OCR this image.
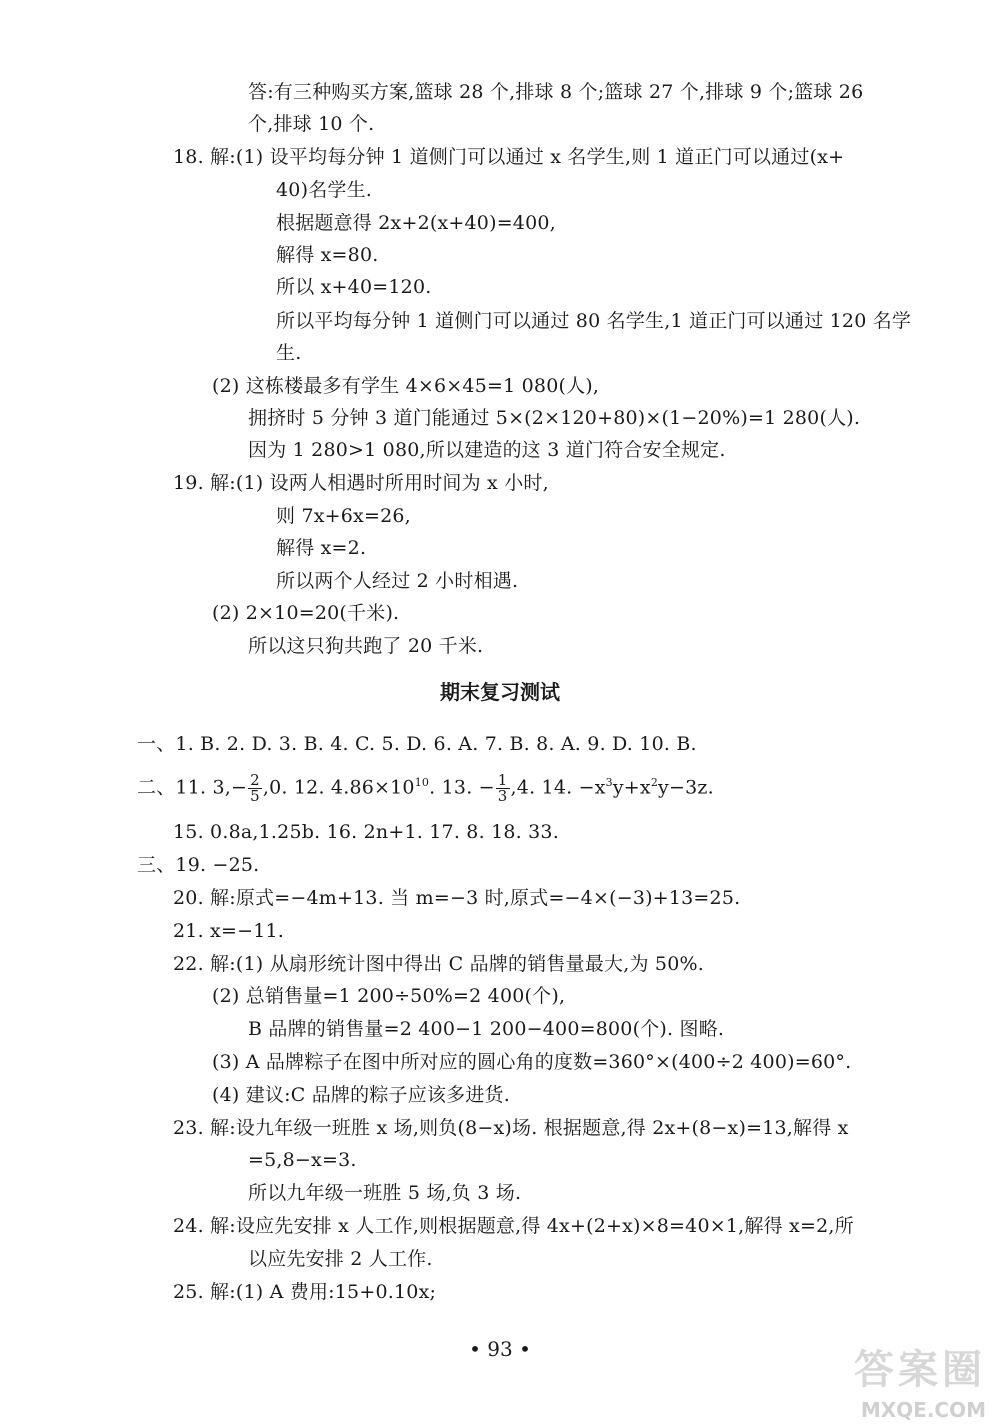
答:有三种购买方案,篮球 28 个,排球 8 个;篮球 27 个,排球 9 个;篮球 26
个,排球 10 个.
18. 解:(1) 设平均每分钟 1 道侧门可以通过 x 名学生,则 1 道正门可以通过(x+
40)名学生.
根据题意得 2x+2(x+40)=400,
解得 x=80.
所以 x+40=120.
所以平均每分钟 1 道侧门可以通过 80 名学生,1 道正门可以通过 120 名学
生.
(2) 这栋楼最多有学生 4×6×45=1 080(人),
拥挤时 5 分钟 3 道门能通过 5×(2×120+80)×(1−20%)=1 280(人).
因为 1 280>1 080,所以建造的这 3 道门符合安全规定.
19. 解:(1) 设两人相遇时所用时间为 x 小时,
则 7x+6x=26,
解得 x=2.
所以两个人经过 2 小时相遇.
(2) 2×10=20(千米).
所以这只狗共跑了 20 千米.
期末复习测试
一、1. B. 2. D. 3. B. 4. C. 5. D. 6. A. 7. B. 8. A. 9. D. 10. B.
二、11. $3,- \frac{2}{5} ,0$. 12. $4.86\times 10^{10}$. 13. − $\frac{1}{3} ,4$. 14. $-x^3y+x^2y-3z$.
15. 0.8a,1.25b. 16. 2n+1. 17. 8. 18. 33.
三、19. −25.
20. 解:原式=−4m+13. 当 m=−3 时,原式=−4×(−3)+13=25.
21. x=−11.
22. 解:(1) 从扇形统计图中得出 C 品牌的销售量最大,为 50%.
(2) 总销售量=1 200÷50%=2 400(个),
B 品牌的销售量=2 400−1 200−400=800(个). 图略.
(3) A 品牌粽子在图中所对应的圆心角的度数=360°×(400÷2 400)=60°.
(4) 建议:C 品牌的粽子应该多进货.
23. 解:设九年级一班胜 x 场,则负(8−x)场. 根据题意,得 2x+(8−x)=13,解得 x
=5,8−x=3.
所以九年级一班胜 5 场,负 3 场.
24. 解:设应先安排 x 人工作,则根据题意,得 4x+(2+x)×8=40×1,解得 x=2,所
以应先安排 2 人工作.
25. 解:(1) A 费用:15+0.10x;
• 93 •	答案圈
MXQE.COM
